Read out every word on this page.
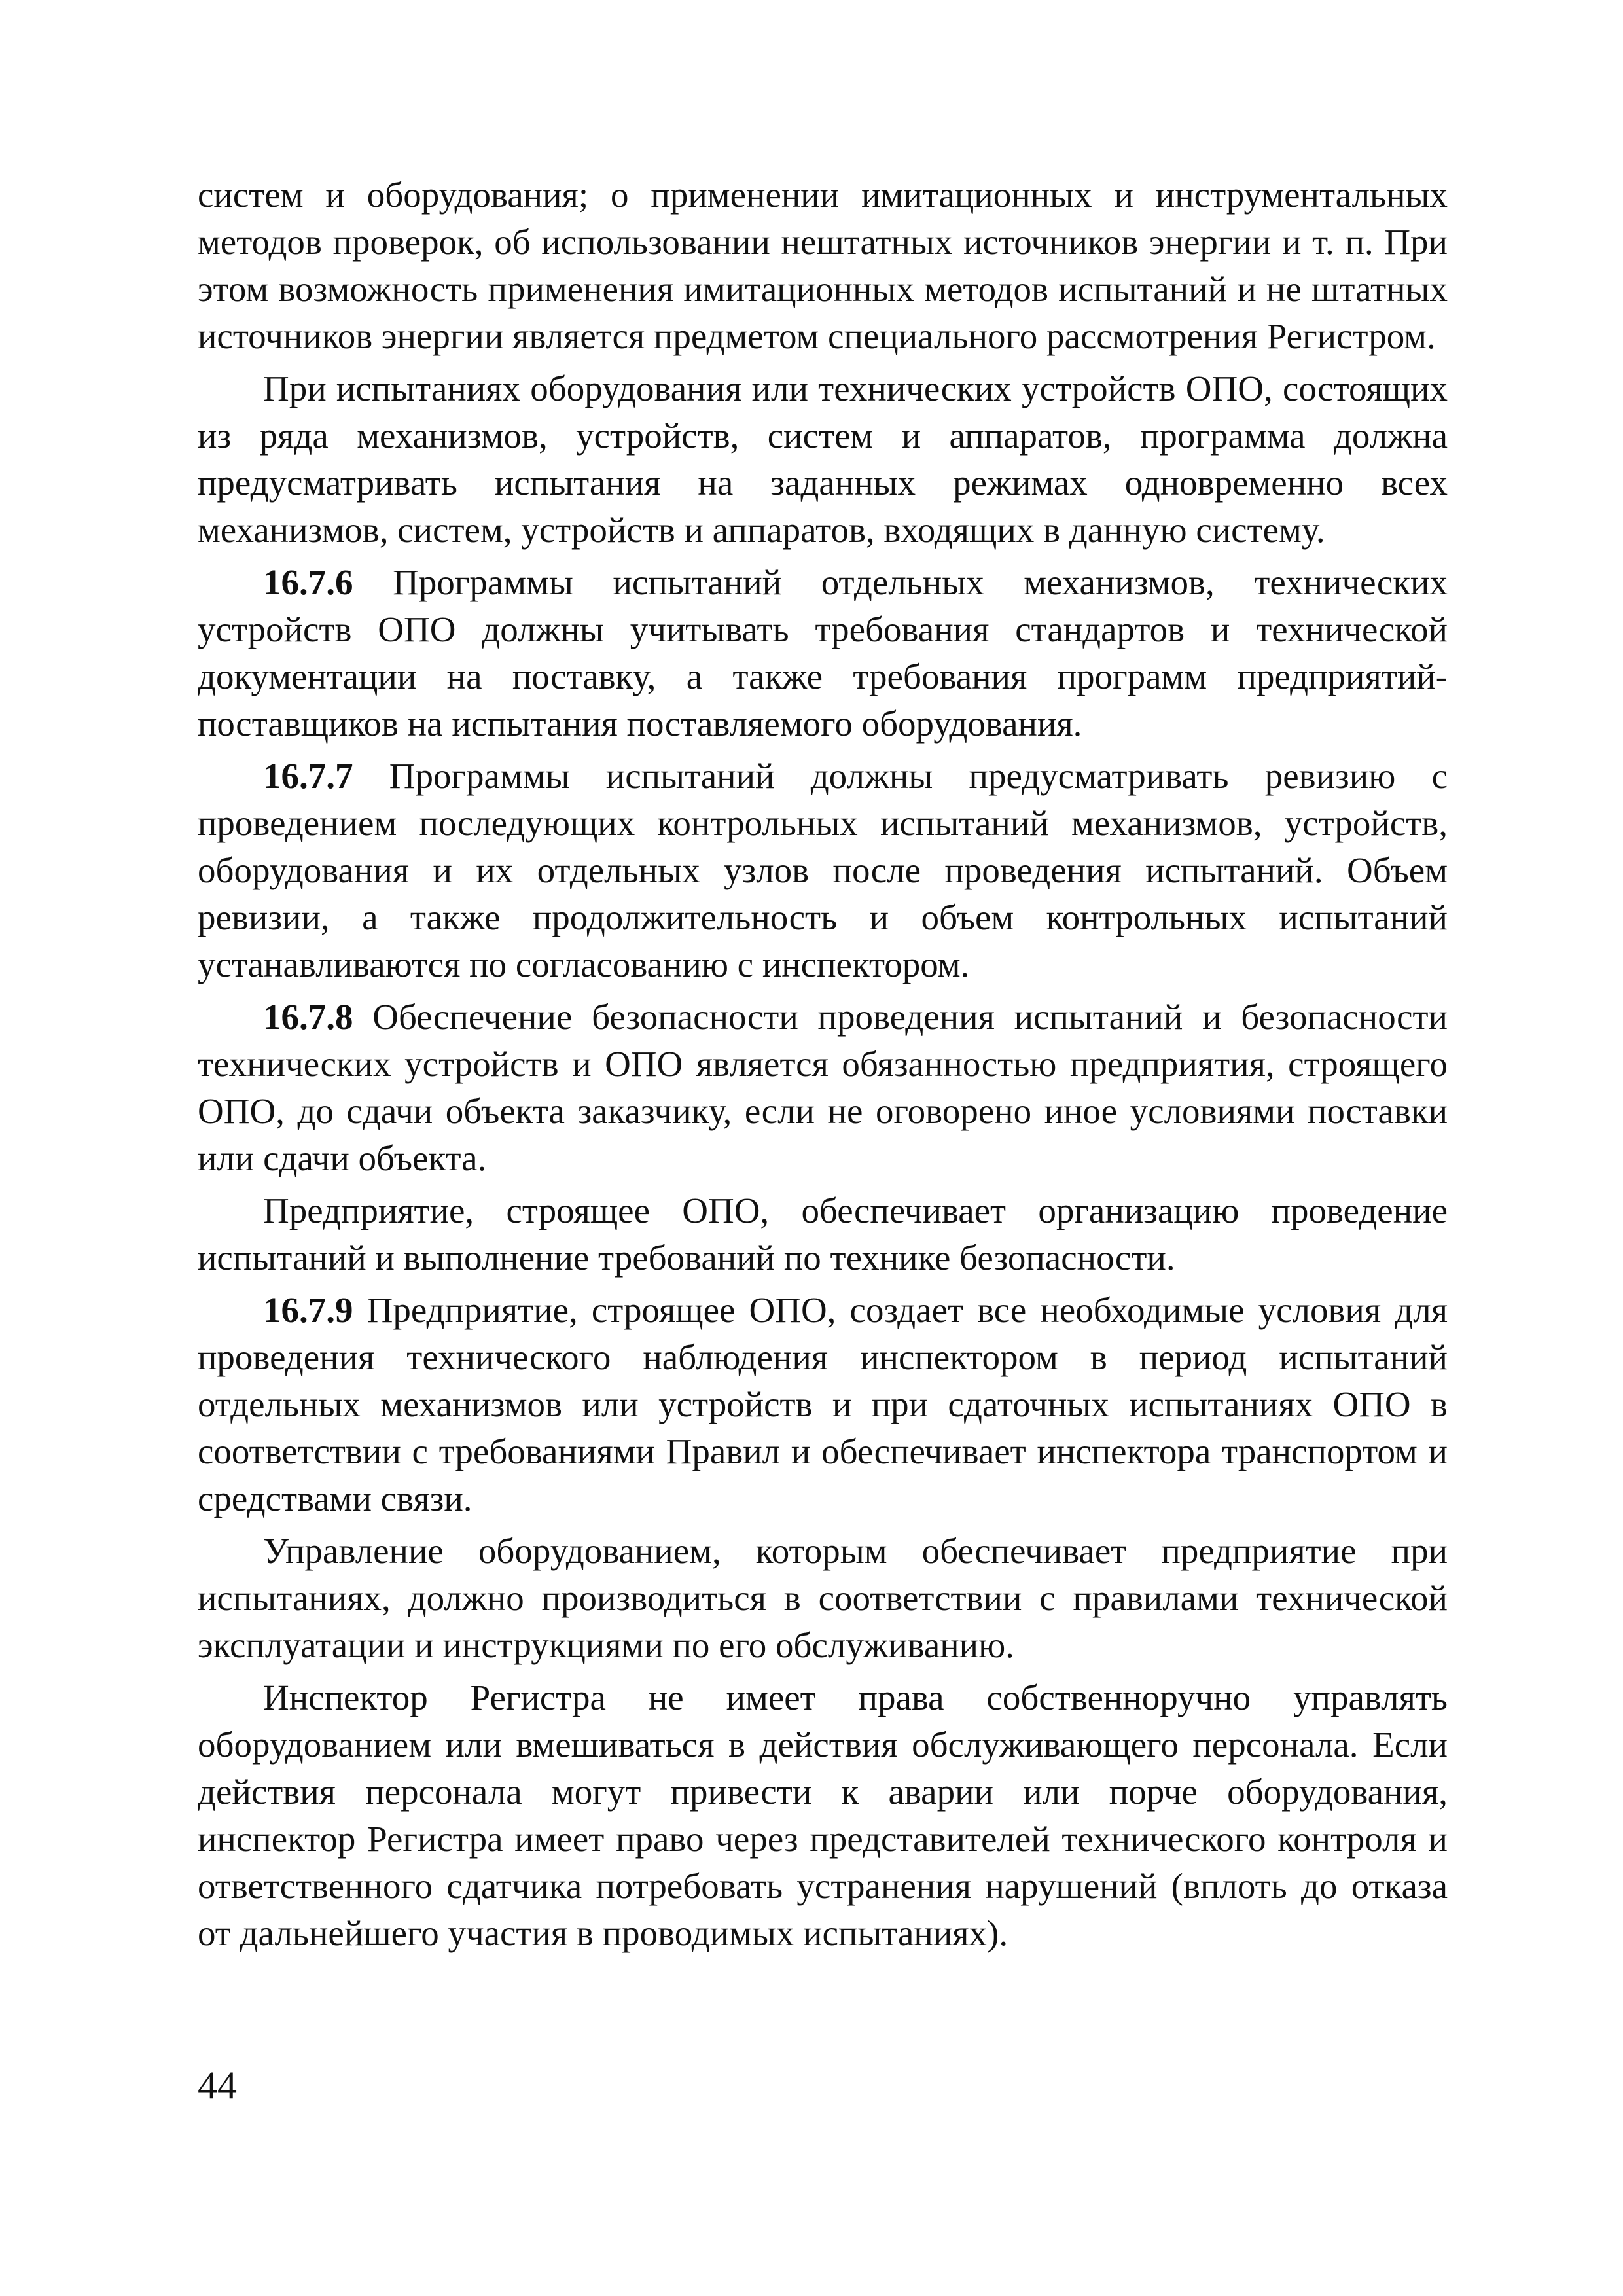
систем и оборудования; о применении имитационных и инструментальных методов проверок, об использовании нештатных источников энергии и т. п. При этом возможность применения имитационных методов испытаний и не штатных источников энергии является предметом специального рассмотрения Регистром.

При испытаниях оборудования или технических устройств ОПО, состоящих из ряда механизмов, устройств, систем и аппаратов, программа должна предусматривать испытания на заданных режимах одновременно всех механизмов, систем, устройств и аппаратов, входящих в данную систему.

16.7.6 Программы испытаний отдельных механизмов, технических устройств ОПО должны учитывать требования стандартов и технической документации на поставку, а также требования программ предприятий-поставщиков на испытания поставляемого оборудования.

16.7.7 Программы испытаний должны предусматривать ревизию с проведением последующих контрольных испытаний механизмов, устройств, оборудования и их отдельных узлов после проведения испытаний. Объем ревизии, а также продолжительность и объем контрольных испытаний устанавливаются по согласованию с инспектором.

16.7.8 Обеспечение безопасности проведения испытаний и безопасности технических устройств и ОПО является обязанностью предприятия, строящего ОПО, до сдачи объекта заказчику, если не оговорено иное условиями поставки или сдачи объекта.

Предприятие, строящее ОПО, обеспечивает организацию проведение испытаний и выполнение требований по технике безопасности.

16.7.9 Предприятие, строящее ОПО, создает все необходимые условия для проведения технического наблюдения инспектором в период испытаний отдельных механизмов или устройств и при сдаточных испытаниях ОПО в соответствии с требованиями Правил и обеспечивает инспектора транспортом и средствами связи.

Управление оборудованием, которым обеспечивает предприятие при испытаниях, должно производиться в соответствии с правилами технической эксплуатации и инструкциями по его обслуживанию.

Инспектор Регистра не имеет права собственноручно управлять оборудованием или вмешиваться в действия обслуживающего персонала. Если действия персонала могут привести к аварии или порче оборудования, инспектор Регистра имеет право через представителей технического контроля и ответственного сдатчика потребовать устранения нарушений (вплоть до отказа от дальнейшего участия в проводимых испытаниях).

44
